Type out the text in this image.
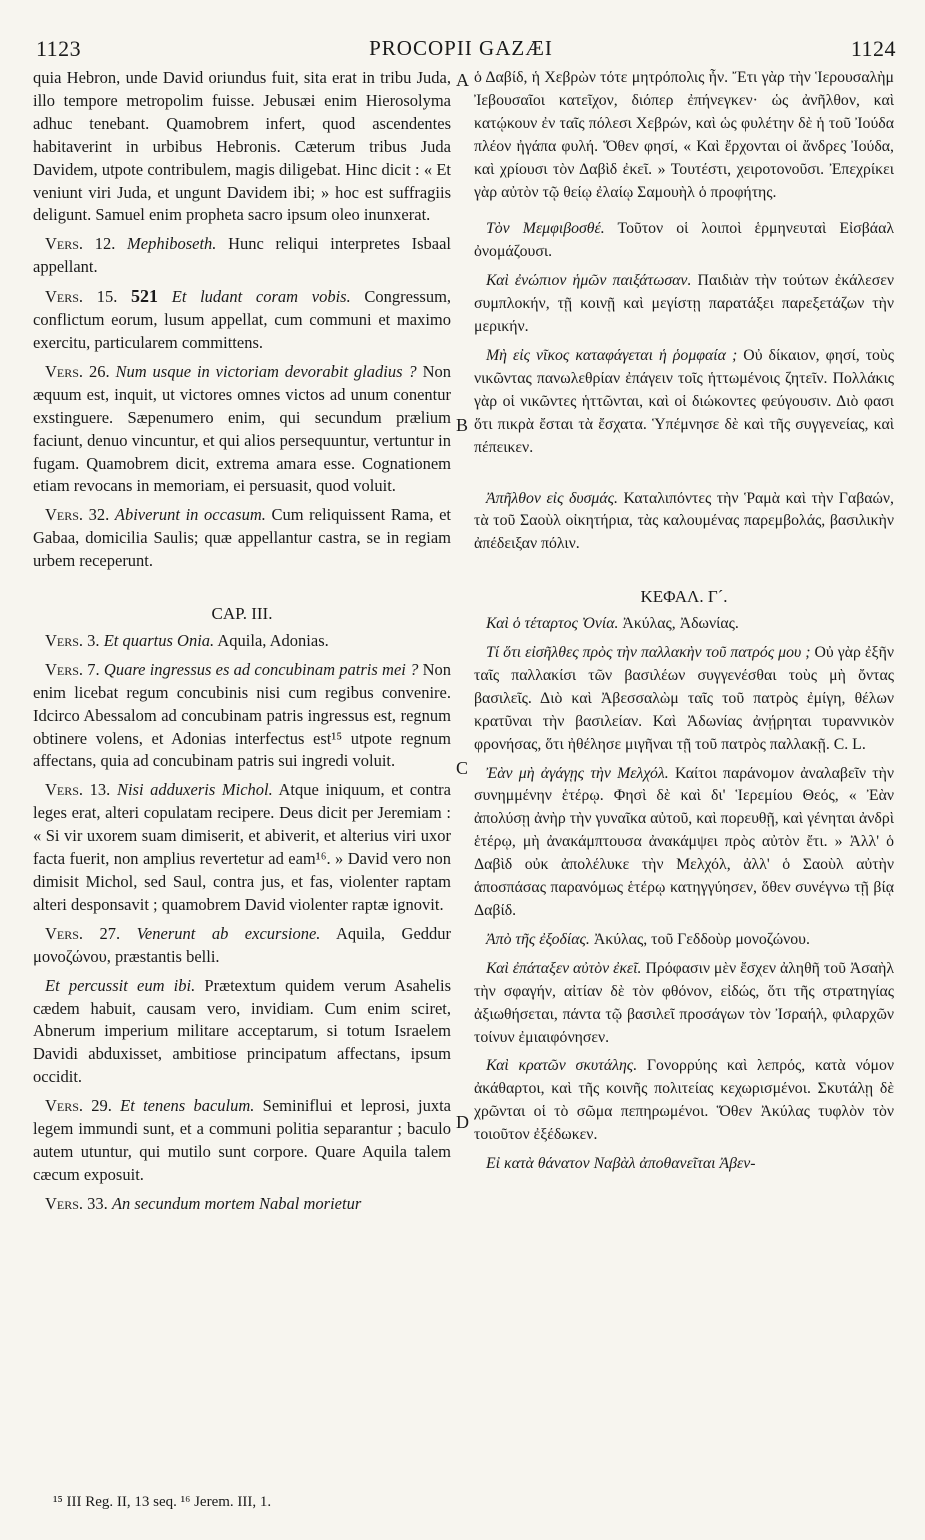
1123	PROCOPII GAZÆI	1124
A
B
C
D

quia Hebron, unde David oriundus fuit, sita erat in tribu Juda, illo tempore metropolim fuisse. Jebusæi enim Hierosolyma adhuc tenebant. Quamobrem infert, quod ascendentes habitaverint in urbibus Hebronis. Cæterum tribus Juda Davidem, utpote contribulem, magis diligebat. Hinc dicit : « Et veniunt viri Juda, et ungunt Davidem ibi; » hoc est suffragiis deligunt. Samuel enim propheta sacro ipsum oleo inunxerat.

Vers. 12. Mephiboseth. Hunc reliqui interpretes Isbaal appellant.

Vers. 15. 521 Et ludant coram vobis. Congressum, conflictum eorum, lusum appellat, cum communi et maximo exercitu, particularem committens.

Vers. 26. Num usque in victoriam devorabit gladius ? Non æquum est, inquit, ut victores omnes victos ad unum conentur exstinguere. Sæpenumero enim, qui secundum prælium faciunt, denuo vincuntur, et qui alios persequuntur, vertuntur in fugam. Quamobrem dicit, extrema amara esse. Cognationem etiam revocans in memoriam, ei persuasit, quod voluit.

Vers. 32. Abiverunt in occasum. Cum reliquissent Rama, et Gabaa, domicilia Saulis; quæ appellantur castra, se in regiam urbem receperunt.

CAP. III.

Vers. 3. Et quartus Onia. Aquila, Adonias.

Vers. 7. Quare ingressus es ad concubinam patris mei ? Non enim licebat regum concubinis nisi cum regibus convenire. Idcirco Abessalom ad concubinam patris ingressus est, regnum obtinere volens, et Adonias interfectus est¹⁵ utpote regnum affectans, quia ad concubinam patris sui ingredi voluit.

Vers. 13. Nisi adduxeris Michol. Atque iniquum, et contra leges erat, alteri copulatam recipere. Deus dicit per Jeremiam : « Si vir uxorem suam dimiserit, et abiverit, et alterius viri uxor facta fuerit, non amplius revertetur ad eam¹⁶. » David vero non dimisit Michol, sed Saul, contra jus, et fas, violenter raptam alteri desponsavit ; quamobrem David violenter raptæ ignovit.

Vers. 27. Venerunt ab excursione. Aquila, Geddur μονοζώνου, præstantis belli.

Et percussit eum ibi. Prætextum quidem verum Asahelis cædem habuit, causam vero, invidiam. Cum enim sciret, Abnerum imperium militare acceptarum, si totum Israelem Davidi abduxisset, ambitiose principatum affectans, ipsum occidit.

Vers. 29. Et tenens baculum. Seminiflui et leprosi, juxta legem immundi sunt, et a communi politia separantur ; baculo autem utuntur, qui mutilo sunt corpore. Quare Aquila talem cæcum exposuit.

Vers. 33. An secundum mortem Nabal morietur

ὁ Δαβίδ, ἡ Χεβρὼν τότε μητρόπολις ἦν. Ἔτι γὰρ τὴν Ἱερουσαλὴμ Ἰεβουσαῖοι κατεῖχον, διόπερ ἐπήνεγκεν· ὡς ἀνῆλθον, καὶ κατῴκουν ἐν ταῖς πόλεσι Χεβρών, καὶ ὡς φυλέτην δὲ ἡ τοῦ Ἰούδα πλέον ἠγάπα φυλή. Ὅθεν φησί, « Καὶ ἔρχονται οἱ ἄνδρες Ἰούδα, καὶ χρίουσι τὸν Δαβὶδ ἐκεῖ. » Τουτέστι, χειροτονοῦσι. Ἐπεχρίκει γὰρ αὐτὸν τῷ θείῳ ἐλαίῳ Σαμουὴλ ὁ προφήτης.

Τὸν Μεμφιβοσθέ. Τοῦτον οἱ λοιποὶ ἑρμηνευταὶ Εἰσβάαλ ὀνομάζουσι.

Καὶ ἐνώπιον ἡμῶν παιξάτωσαν. Παιδιὰν τὴν τούτων ἐκάλεσεν συμπλοκήν, τῇ κοινῇ καὶ μεγίστῃ παρατάξει παρεξετάζων τὴν μερικήν.

Μὴ εἰς νῖκος καταφάγεται ἡ ῥομφαία ; Οὐ δίκαιον, φησί, τοὺς νικῶντας πανωλεθρίαν ἐπάγειν τοῖς ἡττωμένοις ζητεῖν. Πολλάκις γὰρ οἱ νικῶντες ἡττῶνται, καὶ οἱ διώκοντες φεύγουσιν. Διὸ φασι ὅτι πικρὰ ἔσται τὰ ἔσχατα. Ὑπέμνησε δὲ καὶ τῆς συγγενείας, καὶ πέπεικεν.

Ἀπῆλθον εἰς δυσμάς. Καταλιπόντες τὴν Ῥαμὰ καὶ τὴν Γαβαών, τὰ τοῦ Σαοὺλ οἰκητήρια, τὰς καλουμένας παρεμβολάς, βασιλικὴν ἀπέδειξαν πόλιν.

ΚΕΦΑΛ. Γ´.

Καὶ ὁ τέταρτος Ὀνία. Ἀκύλας, Ἀδωνίας.

Τί ὅτι εἰσῆλθες πρὸς τὴν παλλακὴν τοῦ πατρός μου ; Οὐ γὰρ ἐξῆν ταῖς παλλακίσι τῶν βασιλέων συγγενέσθαι τοὺς μὴ ὄντας βασιλεῖς. Διὸ καὶ Ἀβεσσαλὼμ ταῖς τοῦ πατρὸς ἐμίγη, θέλων κρατῦναι τὴν βασιλείαν. Καὶ Ἀδωνίας ἀνῄρηται τυραννικὸν φρονήσας, ὅτι ἠθέλησε μιγῆναι τῇ τοῦ πατρὸς παλλακῇ. C. L.

Ἐὰν μὴ ἀγάγῃς τὴν Μελχόλ. Καίτοι παράνομον ἀναλαβεῖν τὴν συνημμένην ἑτέρῳ. Φησὶ δὲ καὶ δι' Ἱερεμίου Θεός, « Ἐὰν ἀπολύσῃ ἀνὴρ τὴν γυναῖκα αὐτοῦ, καὶ πορευθῇ, καὶ γένηται ἀνδρὶ ἑτέρῳ, μὴ ἀνακάμπτουσα ἀνακάμψει πρὸς αὐτὸν ἔτι. » Ἀλλ' ὁ Δαβὶδ οὐκ ἀπολέλυκε τὴν Μελχόλ, ἀλλ' ὁ Σαοὺλ αὐτὴν ἁποσπάσας παρανόμως ἑτέρῳ κατηγγύησεν, ὅθεν συνέγνω τῇ βίᾳ Δαβίδ.

Ἀπὸ τῆς ἐξοδίας. Ἀκύλας, τοῦ Γεδδοὺρ μονοζώνου.

Καὶ ἐπάταξεν αὐτὸν ἐκεῖ. Πρόφασιν μὲν ἔσχεν ἀληθῆ τοῦ Ἀσαὴλ τὴν σφαγήν, αἰτίαν δὲ τὸν φθόνον, εἰδώς, ὅτι τῆς στρατηγίας ἀξιωθήσεται, πάντα τῷ βασιλεῖ προσάγων τὸν Ἰσραήλ, φιλαρχῶν τοίνυν ἐμιαιφόνησεν.

Καὶ κρατῶν σκυτάλης. Γονορρύης καὶ λεπρός, κατὰ νόμον ἀκάθαρτοι, καὶ τῆς κοινῆς πολιτείας κεχωρισμένοι. Σκυτάλῃ δὲ χρῶνται οἱ τὸ σῶμα πεπηρωμένοι. Ὅθεν Ἀκύλας τυφλὸν τὸν τοιοῦτον ἐξέδωκεν.

Εἰ κατὰ θάνατον Ναβὰλ ἀποθανεῖται Ἀβεν-

¹⁵ III Reg. II, 13 seq. ¹⁶ Jerem. III, 1.
